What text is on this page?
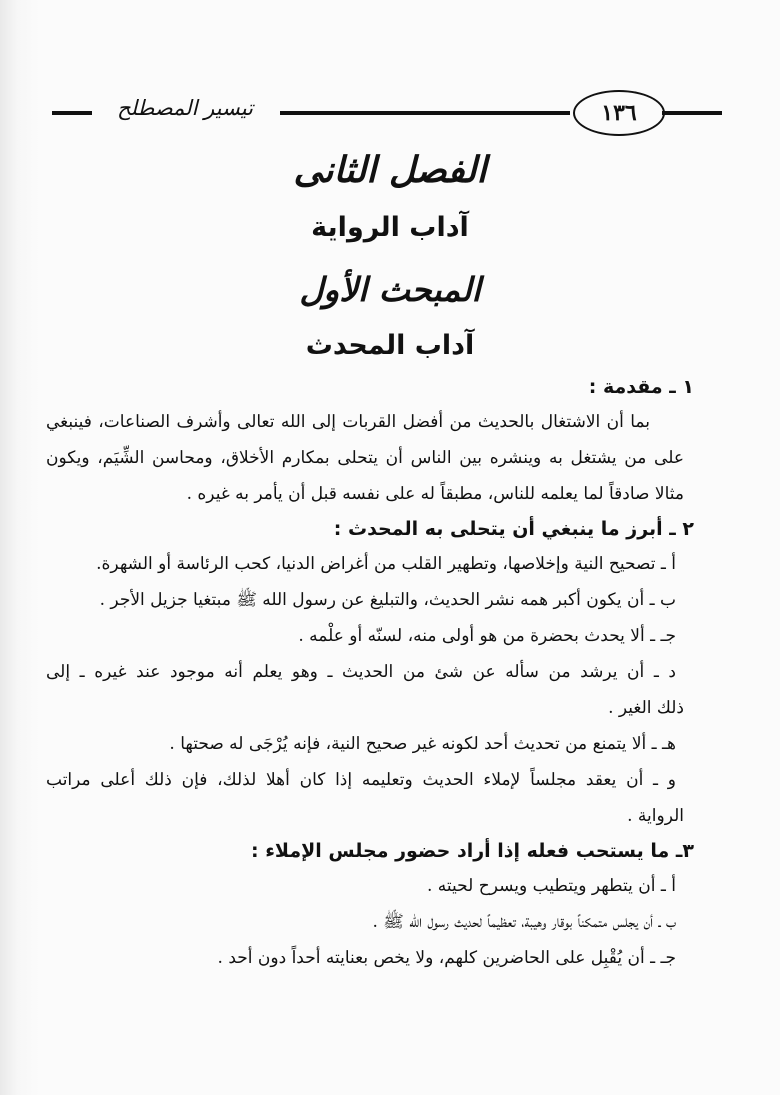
تيسير المصطلح	١٣٦
الفصل الثانى
آداب الرواية
المبحث الأول
آداب المحدث
١ ـ مقدمة :
بما أن الاشتغال بالحديث من أفضل القربات إلى الله تعالى وأشرف الصناعات، فينبغي
على من يشتغل به وينشره بين الناس أن يتحلى بمكارم الأخلاق، ومحاسن الشِّيَم، ويكون
مثالا صادقاً لما يعلمه للناس، مطبقاً له على نفسه قبل أن يأمر به غيره .
٢ ـ أبرز ما ينبغي أن يتحلى به المحدث :
أ ـ تصحيح النية وإخلاصها، وتطهير القلب من أغراض الدنيا، كحب الرئاسة أو الشهرة.
ب ـ أن يكون أكبر همه نشر الحديث، والتبليغ عن رسول الله ﷺ مبتغيا جزيل الأجر .
جـ ـ ألا يحدث بحضرة من هو أولى منه، لسنّه أو علْمه .
د ـ أن يرشد من سأله عن شئ من الحديث ـ وهو يعلم أنه موجود عند غيره ـ إلى
ذلك الغير .
هـ ـ ألا يتمنع من تحديث أحد لكونه غير صحيح النية، فإنه يُرْجَى له صحتها .
و ـ أن يعقد مجلساً لإملاء الحديث وتعليمه إذا كان أهلا لذلك، فإن ذلك أعلى مراتب
الرواية .
٣ـ ما يستحب فعله إذا أراد حضور مجلس الإملاء :
أ ـ أن يتطهر ويتطيب ويسرح لحيته .
ب ـ أن يجلس متمكناً بوقار وهيبة، تعظيماً لحديث رسول الله ﷺ .
جـ ـ أن يُقْبِل على الحاضرين كلهم، ولا يخص بعنايته أحداً دون أحد .
